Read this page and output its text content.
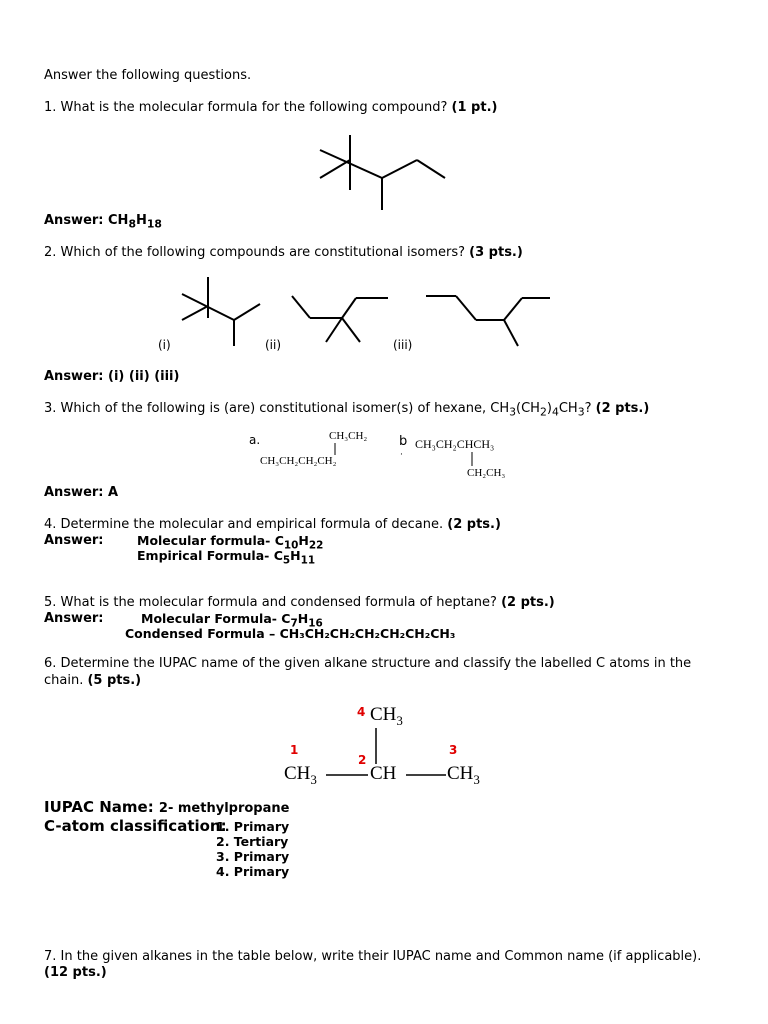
Answer the following questions.
1. What is the molecular formula for the following compound? (1 pt.)
Answer: $CH_8H_{18}$
2. Which of the following compounds are constitutional isomers? (3 pts.)
(i)	(ii)	(iii)
Answer: (i) (ii) (iii)
3. Which of the following is (are) constitutional isomer(s) of hexane, $CH_3(CH_2)_4CH_3$? (2 pts.)
a.	CH₃CH₂
CH₃CH₂CH₂CH₂
b CH₃CH₂CHCH₃
·
CH₂CH₃
Answer: A
4. Determine the molecular and empirical formula of decane. (2 pts.)
Answer:	Molecular formula- $C_{10}H_{22}$
Empirical Formula- $C_5H_{11}$
5. What is the molecular formula and condensed formula of heptane? (2 pts.)
Answer:	Molecular Formula- $C_7H_{16}$
Condensed Formula – CH₃CH₂CH₂CH₂CH₂CH₂CH₃
6. Determine the IUPAC name of the given alkane structure and classify the labelled C atoms in the
chain. (5 pts.)
4 $CH_3$
1
2
3
$CH_3$	CH	$CH_3$
IUPAC Name: 2- methylpropane
C-atom classification:
1. Primary
2. Tertiary
3. Primary
4. Primary
7. In the given alkanes in the table below, write their IUPAC name and Common name (if applicable).
(12 pts.)
